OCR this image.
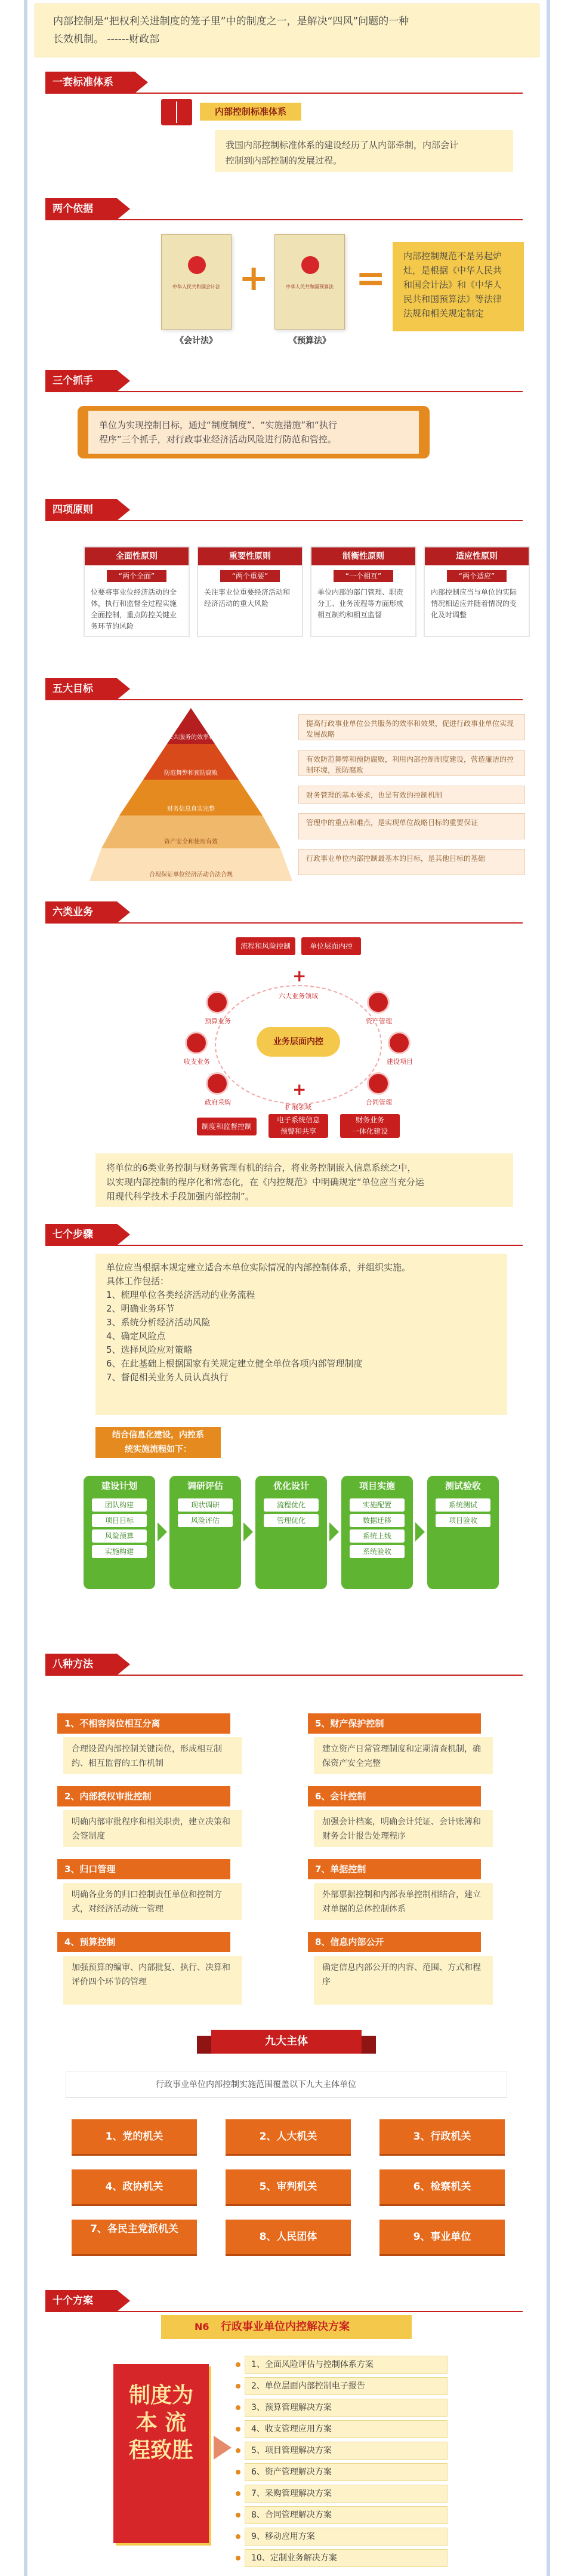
内部控制是“把权利关进制度的笼子里”中的制度之一，是解决“四风”问题的一种
长效机制。 ------财政部
一套标准体系
内部控制标准体系
我国内部控制标准体系的建设经历了从内部牵制，内部会计
控制到内部控制的发展过程。
两个依据
中华人民共和国会计法
《会计法》
+	中华人民共和国预算法
《预算法》
=
内部控制规范不是另起炉
灶，是根据《中华人民共
和国会计法》和《中华人
民共和国预算法》等法律
法规和相关规定制定
三个抓手
单位为实现控制目标，通过“制度制度”、“实施措施”和“执行
程序”三个抓手，对行政事业经济活动风险进行防范和管控。
四项原则
全面性原则
“两个全面”
位要将事业位经济活动的全体，执行和监督全过程实施全面控制，重点防控关键业务环节的风险
重要性原则
“两个重要”
关注事业位重要经济活动和经济活动的重大风险
制衡性原则
“一个相互”
单位内部的部门管理、职责分工、业务流程等方面形成相互制约和相互监督
适应性原则
“两个适应”
内部控制应当与单位的实际情况相适应并随着情况的变化及时调整
五大目标
提高公共服务的效率和效果
防范舞弊和预防腐败
财务信息真实完整
资产安全和使用有效
合理保证单位经济活动合法合规
提高行政事业单位公共服务的效率和效果，促进行政事业单位实现发展战略
有效防范舞弊和预防腐败，利用内部控制制度建设，营造廉洁的控制环境，预防腐败
财务管理的基本要求，也是有效的控制机制
管理中的重点和难点，是实现单位战略目标的重要保证
行政事业单位内部控制最基本的目标，是其他目标的基础
六类业务
流程和风险控制	单位层面内控
+
六大业务领域
业务层面内控
预算业务
收支业务
政府采购
资产管理
建设项目
合同管理
+
扩展领域
制度和监督控制
电子系统信息
预警和共享
财务业务
一体化建设
将单位的6类业务控制与财务管理有机的结合，将业务控制嵌入信息系统之中，
以实现内部控制的程序化和常态化，在《内控规范》中明确规定“单位应当充分运
用现代科学技术手段加强内部控制”。
七个步骤
单位应当根据本规定建立适合本单位实际情况的内部控制体系，并组织实施。
具体工作包括：
1、梳理单位各类经济活动的业务流程
2、明确业务环节
3、系统分析经济活动风险
4、确定风险点
5、选择风险应对策略
6、在此基础上根据国家有关规定建立健全单位各项内部管理制度
7、督促相关业务人员认真执行
结合信息化建设，内控系
统实施流程如下：
建设计划
团队构建
项目目标
风险预算
实施构建
调研评估
现状调研
风险评估
优化设计
流程优化
管理优化
项目实施
实施配置
数据迁移
系统上线
系统验收
测试验收
系统测试
项目验收
八种方法
1、不相容岗位相互分离
合理设置内部控制关键岗位，形成相互制约、相互监督的工作机制
2、内部授权审批控制
明确内部审批程序和相关职责，建立决策和会签制度
3、归口管理
明确各业务的归口控制责任单位和控制方式，对经济活动统一管理
4、预算控制
加强预算的编审、内部批复、执行、决算和评价四个环节的管理
5、财产保护控制
建立资产日常管理制度和定期清查机制，确保资产安全完整
6、会计控制
加强会计档案，明确会计凭证、会计账簿和财务会计报告处理程序
7、单据控制
外部票据控制和内部表单控制相结合，建立对单据的总体控制体系
8、信息内部公开
确定信息内部公开的内容、范围、方式和程序
九大主体
行政事业单位内部控制实施范围覆盖以下九大主体单位
1、党的机关	2、人大机关	3、行政机关
4、政协机关	5、审判机关	6、检察机关
7、各民主党派机关
8、人民团体	9、事业单位
十个方案
N6 行政事业单位内控解决方案
制度为本 流程致胜
1、全面风险评估与控制体系方案
2、单位层面内部控制电子报告
3、预算管理解决方案
4、收支管理应用方案
5、项目管理解决方案
6、资产管理解决方案
7、采购管理解决方案
8、合同管理解决方案
9、移动应用方案
10、定制业务解决方案
